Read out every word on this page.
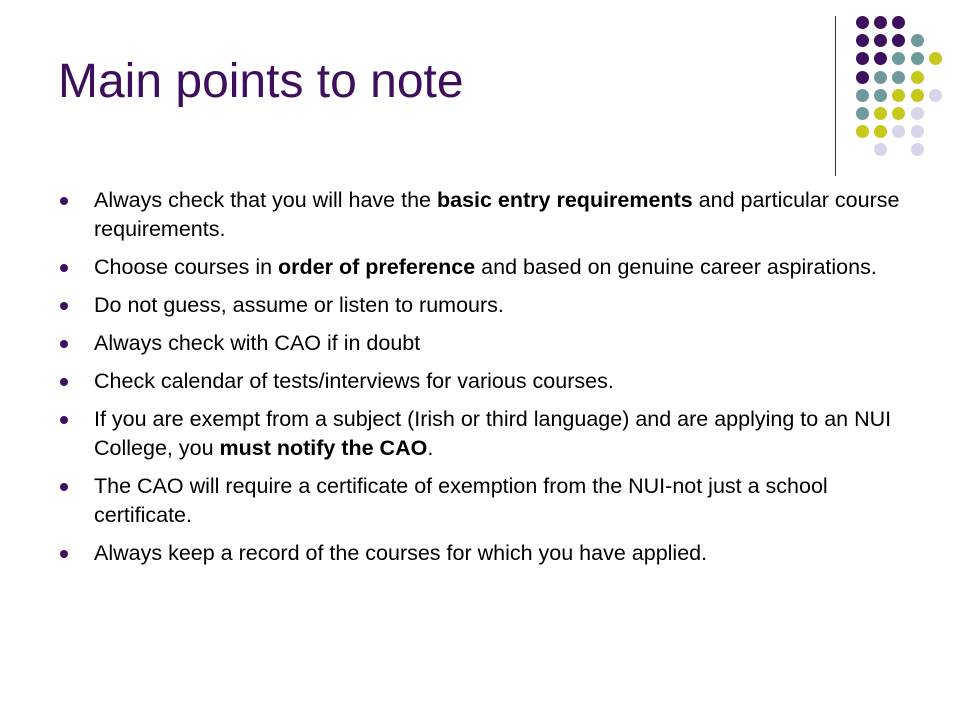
Main points to note
Always check that you will have the basic entry requirements and particular course requirements.
Choose courses in order of preference and based on genuine career aspirations.
Do not guess, assume or listen to rumours.
Always check with CAO if in doubt
Check calendar of tests/interviews for various courses.
If you are exempt from a subject (Irish or third language) and are applying to an NUI College, you must notify the CAO.
The CAO will require a certificate of exemption from the NUI-not just a school certificate.
Always keep a record of the courses for which you have applied.
